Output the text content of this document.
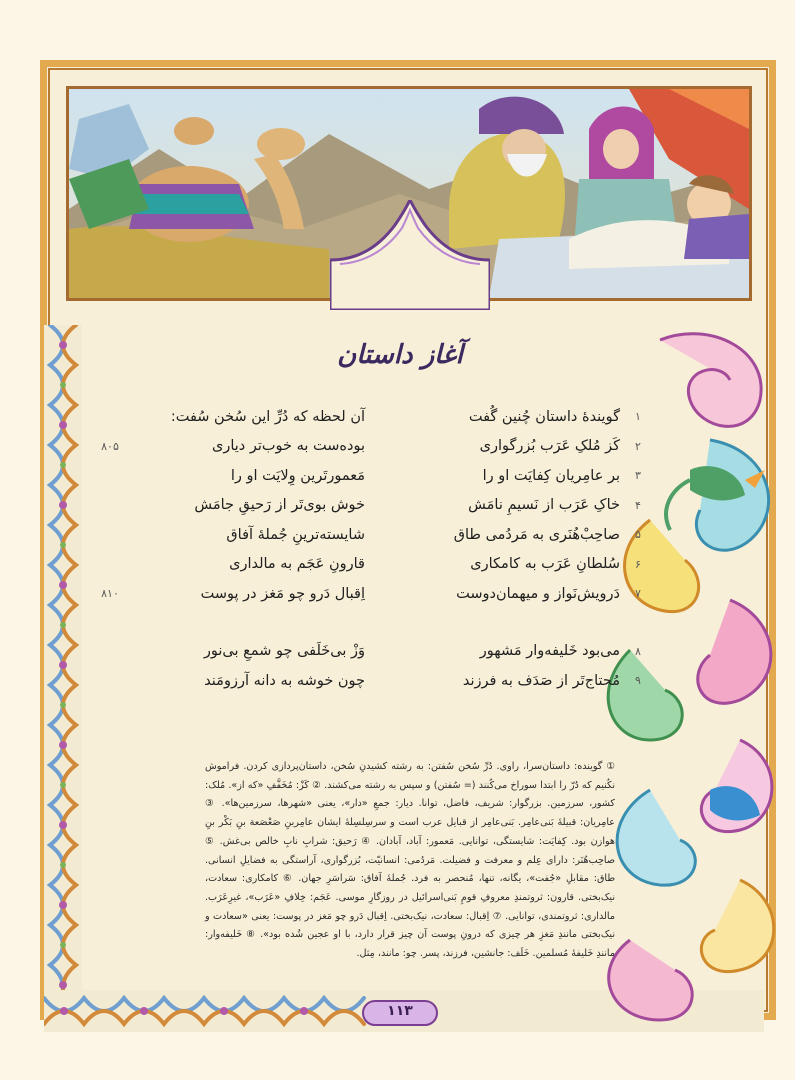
آغاز داستان
۱
گویندهٔ داستان چُنین گُفت
آن لحظه که دُرِّ این سُخن سُفت:
۲
کَز مُلکِ عَرَب بُزرگواری
بوده‌ست به خوب‌تر دیاری
۸۰۵
۳
بر عامِریان کِفایَت او را
مَعمورتَرین وِلایَت او را
۴
خاکِ عَرَب از نَسیمِ نامَش
خوش بوی‌تَر از رَحیقِ جامَش
۵
صاحِبْ‌هُنَری به مَردُمی طاق
شایسته‌ترینِ جُملهٔ آفاق
۶
سُلطانِ عَرَب به کامکاری
قارونِ عَجَم به مالداری
۷
دَرویش‌نَواز و میهمان‌دوست
اِقبال دَرو چو مَغز در پوست
۸۱۰
۸
می‌بود خَلیفه‌وار مَشهور
وَزْ بی‌خَلَفی چو شمعِ بی‌نور
۹
مُحتاج‌تَر از صَدَف به فرزند
چون خوشه به دانه آرزومَند

① گوینده: داستان‌سرا، راوی. دُرِّ سُخن سُفتن: به رشته کشیدنِ سُخن، داستان‌پردازی کردن. فراموش نکُنیم که دُرّ را ابتدا سوراخ می‌کُنند (= سُفتن) و سپس به رشته می‌کشند. ② کَزْ: مُخَفَّفِ «که از». مُلک: کشور، سرزمین. بزرگوار: شریف، فاضل، توانا. دیار: جمعِ «دار»، یعنی «شهرها، سرزمین‌ها». ③ عامِریان: قبیلهٔ بَنی‌عامِر. بَنی‌عامِر از قبایل عرب است و سرسِلسِلهٔ ایشان عامِربنِ صَعْصَعة بنِ بَکْر بنِ هوازن بود. کِفایَت: شایستگی، توانایی. مَعمور: آباد، آبادان. ④ رَحیق: شرابِ نابِ خالص بی‌غش. ⑤ صاحِب‌هُنَر: دارای عِلم و معرفت و فضیلت. مَردُمی: انسانیّت، بُزرگواری، آراستگی به فضایلِ انسانی. طاق: مقابلِ «جُفت»، یگانه، تنها، مُنحصر به فرد. جُملهٔ آفاق: سَراسَرِ جهان. ⑥ کامکاری: سعادت، نیک‌بختی. قارون: ثروتمندِ معروفِ قومِ بَنی‌اسرائیل در روزگارِ موسی. عَجَم: خِلافِ «عَرَب»، غیرِعَرَب. مالداری: ثروتمندی، توانایی. ⑦ اِقبال: سعادت، نیک‌بختی. اِقبال دَرو چو مَغز در پوست: یعنی «سعادت و نیک‌بختی مانندِ مَغزِ هر چیزی که درونِ پوست آن چیز قرار دارد، با او عجین شُده بود». ⑧ خَلیفه‌وار: مانندِ خَلیفهٔ مُسلمین. خَلَف: جانشین، فرزند، پسر. چو: مانند، مِثل.

۱۱۳
